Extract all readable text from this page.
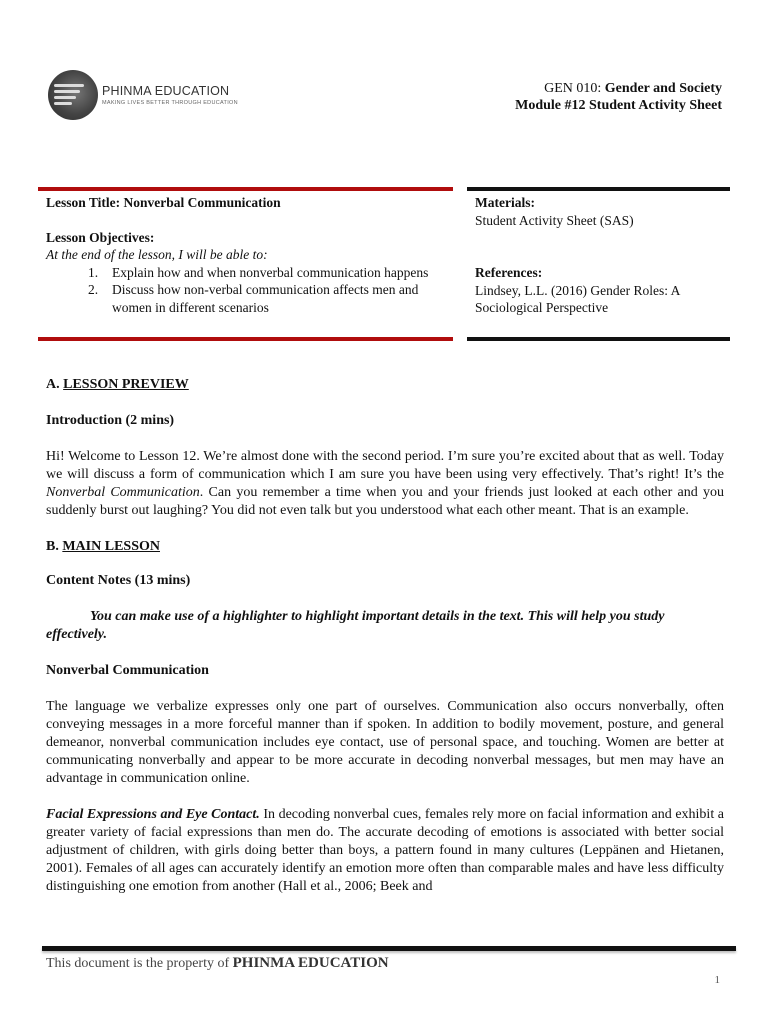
PHINMA EDUCATION
MAKING LIVES BETTER THROUGH EDUCATION
GEN 010: Gender and Society
Module #12 Student Activity Sheet
Lesson Title: Nonverbal Communication
Lesson Objectives:
At the end of the lesson, I will be able to:
1. Explain how and when nonverbal communication happens
2. Discuss how non-verbal communication affects men and women in different scenarios
Materials:
Student Activity Sheet (SAS)
References:
Lindsey, L.L. (2016) Gender Roles: A Sociological Perspective

A. LESSON PREVIEW

Introduction (2 mins)

Hi! Welcome to Lesson 12. We’re almost done with the second period. I’m sure you’re excited about that as well. Today we will discuss a form of communication which I am sure you have been using very effectively. That’s right! It’s the Nonverbal Communication. Can you remember a time when you and your friends just looked at each other and you suddenly burst out laughing? You did not even talk but you understood what each other meant. That is an example.

B. MAIN LESSON

Content Notes (13 mins)

You can make use of a highlighter to highlight important details in the text. This will help you study effectively.

Nonverbal Communication

The language we verbalize expresses only one part of ourselves. Communication also occurs nonverbally, often conveying messages in a more forceful manner than if spoken. In addition to bodily movement, posture, and general demeanor, nonverbal communication includes eye contact, use of personal space, and touching. Women are better at communicating nonverbally and appear to be more accurate in decoding nonverbal messages, but men may have an advantage in communication online.

Facial Expressions and Eye Contact. In decoding nonverbal cues, females rely more on facial information and exhibit a greater variety of facial expressions than men do. The accurate decoding of emotions is associated with better social adjustment of children, with girls doing better than boys, a pattern found in many cultures (Leppänen and Hietanen, 2001). Females of all ages can accurately identify an emotion more often than comparable males and have less difficulty distinguishing one emotion from another (Hall et al., 2006; Beek and

This document is the property of PHINMA EDUCATION
1
